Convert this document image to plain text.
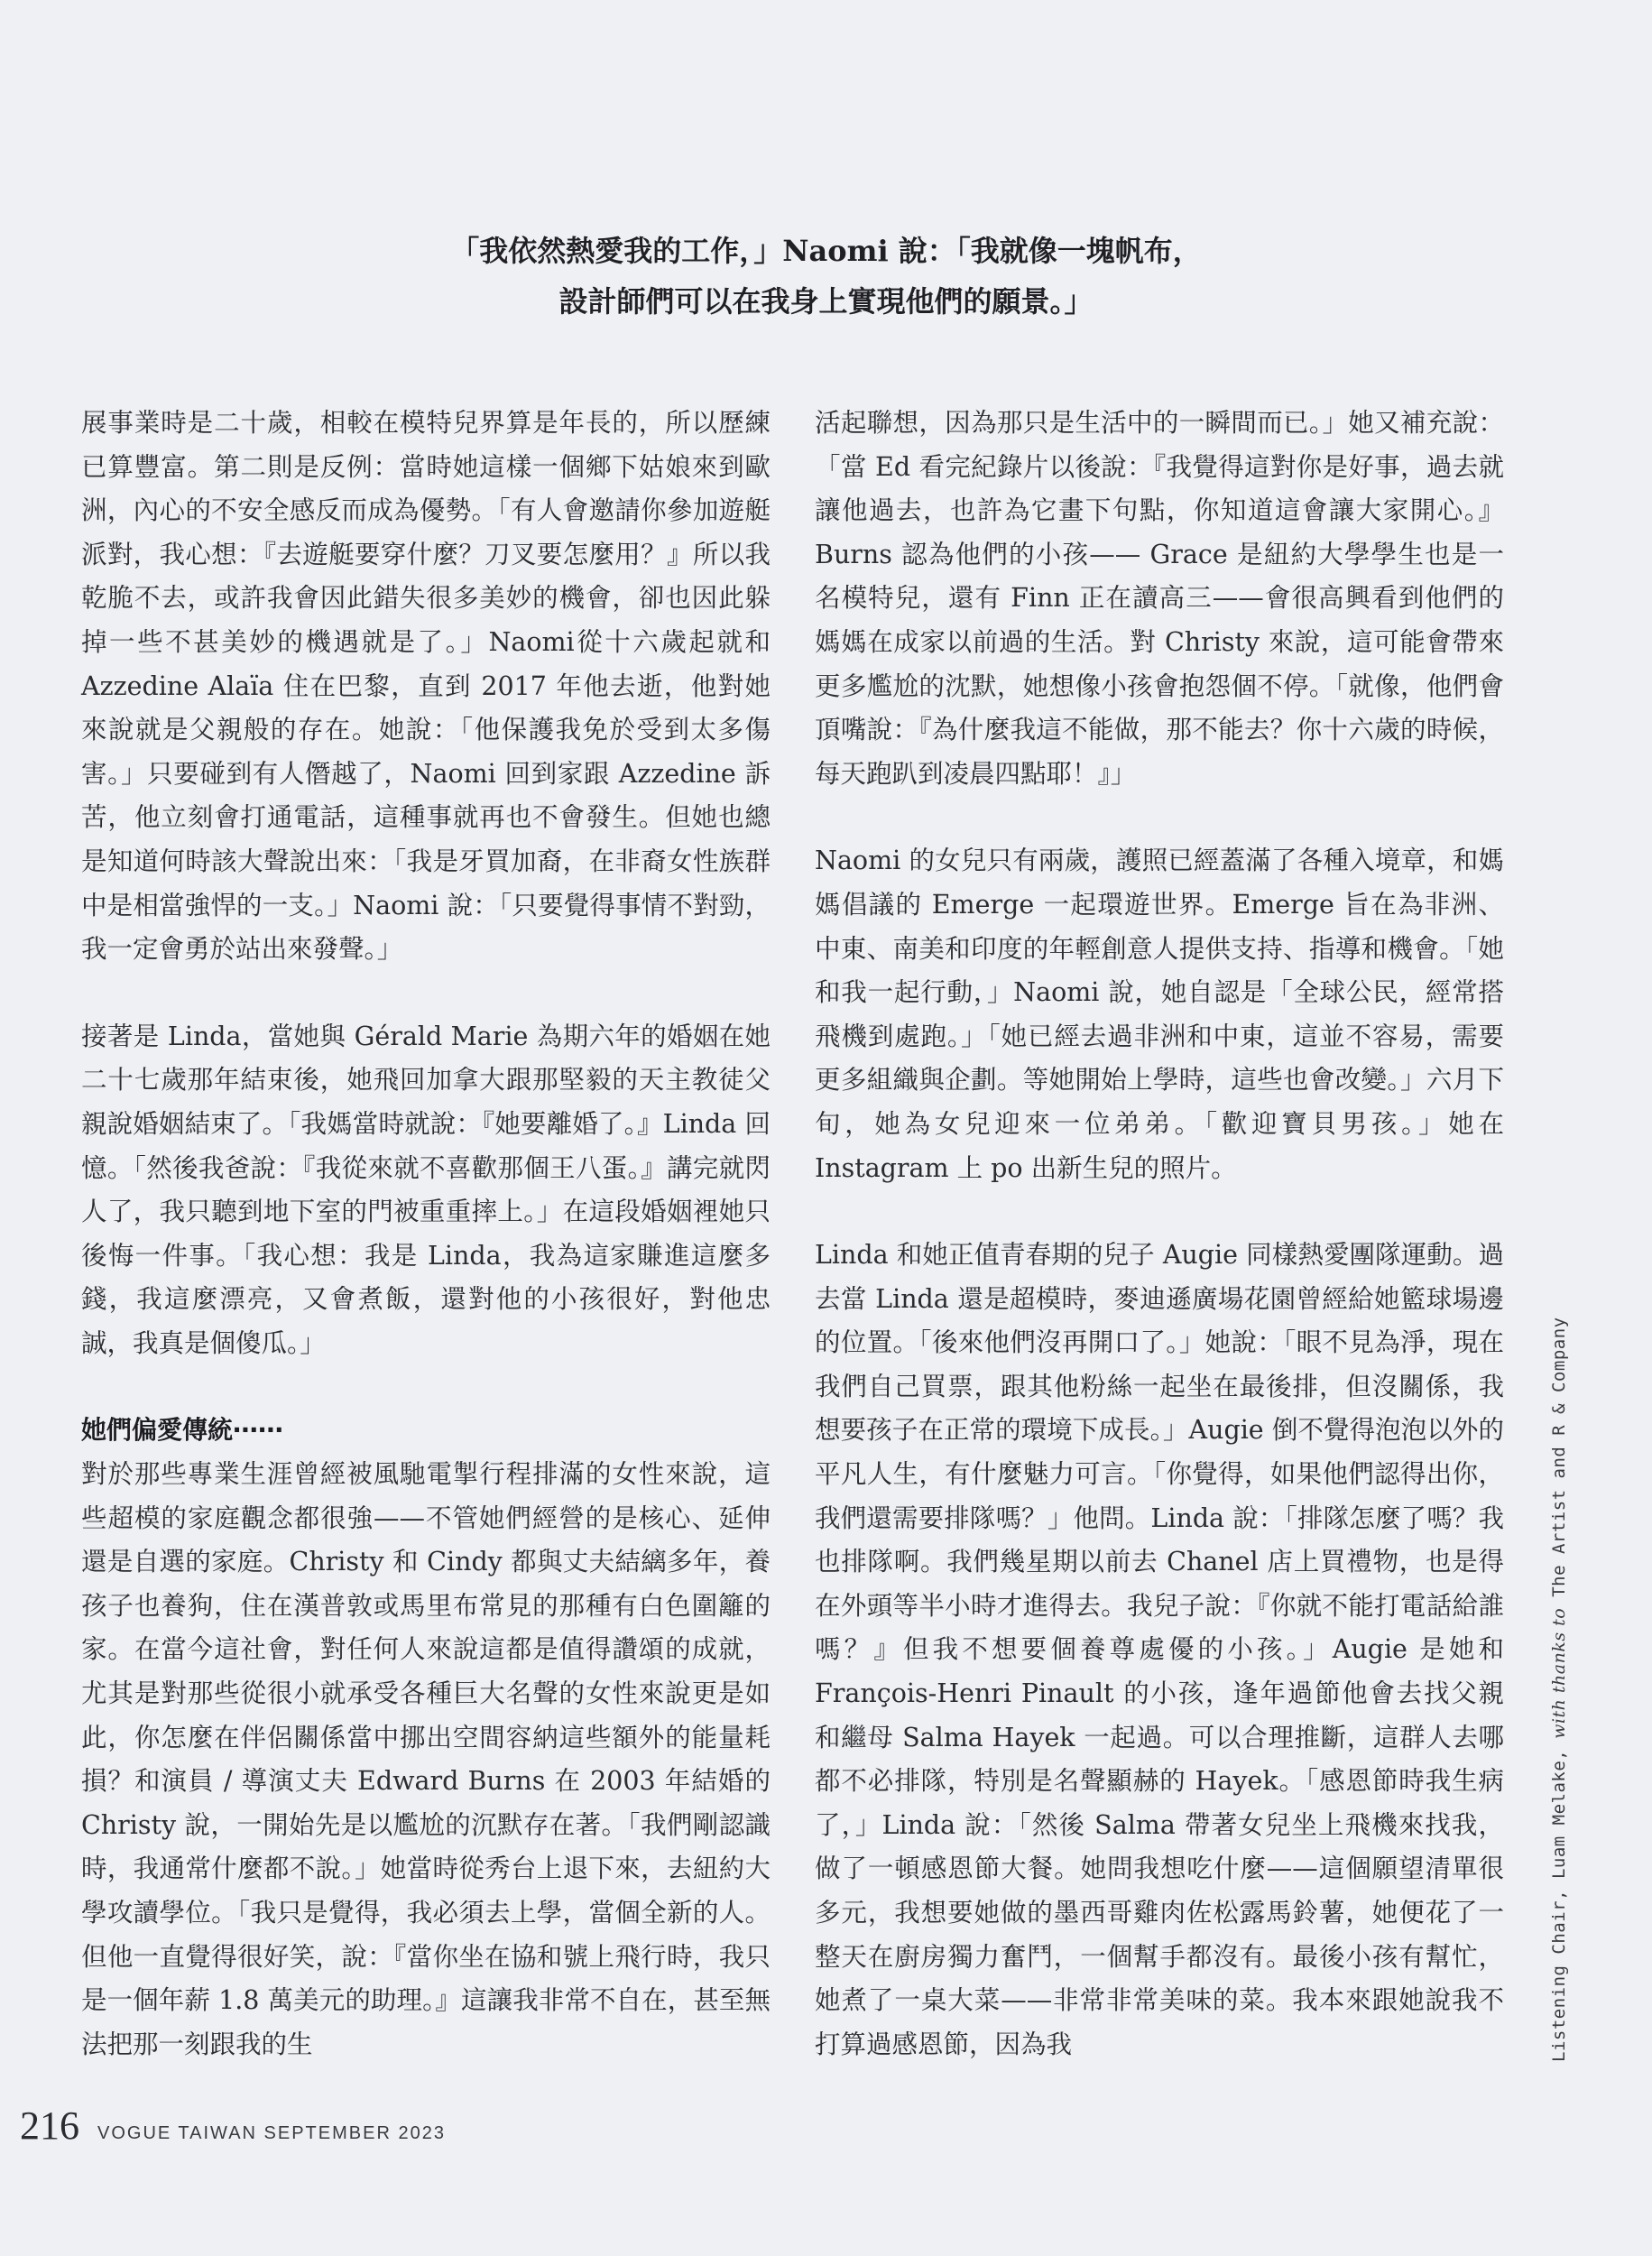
「我依然熱愛我的工作，」Naomi 說：「我就像一塊帆布，
設計師們可以在我身上實現他們的願景。」

展事業時是二十歲，相較在模特兒界算是年長的，所以歷練已算豐富。第二則是反例：當時她這樣一個鄉下姑娘來到歐洲，內心的不安全感反而成為優勢。「有人會邀請你參加遊艇派對，我心想：『去遊艇要穿什麼？刀叉要怎麼用？』所以我乾脆不去，或許我會因此錯失很多美妙的機會，卻也因此躲掉一些不甚美妙的機遇就是了。」Naomi從十六歲起就和 Azzedine Alaïa 住在巴黎，直到 2017 年他去逝，他對她來說就是父親般的存在。她說：「他保護我免於受到太多傷害。」只要碰到有人僭越了，Naomi 回到家跟 Azzedine 訴苦，他立刻會打通電話，這種事就再也不會發生。但她也總是知道何時該大聲說出來：「我是牙買加裔，在非裔女性族群中是相當強悍的一支。」Naomi 說：「只要覺得事情不對勁，我一定會勇於站出來發聲。」

接著是 Linda，當她與 Gérald Marie 為期六年的婚姻在她二十七歲那年結束後，她飛回加拿大跟那堅毅的天主教徒父親說婚姻結束了。「我媽當時就說：『她要離婚了。』Linda 回憶。「然後我爸說：『我從來就不喜歡那個王八蛋。』講完就閃人了，我只聽到地下室的門被重重摔上。」在這段婚姻裡她只後悔一件事。「我心想：我是 Linda，我為這家賺進這麼多錢，我這麼漂亮，又會煮飯，還對他的小孩很好，對他忠誠，我真是個傻瓜。」

她們偏愛傳統⋯⋯

對於那些專業生涯曾經被風馳電掣行程排滿的女性來說，這些超模的家庭觀念都很強——不管她們經營的是核心、延伸還是自選的家庭。Christy 和 Cindy 都與丈夫結縭多年，養孩子也養狗，住在漢普敦或馬里布常見的那種有白色圍籬的家。在當今這社會，對任何人來說這都是值得讚頌的成就，尤其是對那些從很小就承受各種巨大名聲的女性來說更是如此，你怎麼在伴侶關係當中挪出空間容納這些額外的能量耗損？和演員 / 導演丈夫 Edward Burns 在 2003 年結婚的 Christy 說，一開始先是以尷尬的沉默存在著。「我們剛認識時，我通常什麼都不說。」她當時從秀台上退下來，去紐約大學攻讀學位。「我只是覺得，我必須去上學，當個全新的人。但他一直覺得很好笑，說：『當你坐在協和號上飛行時，我只是一個年薪 1.8 萬美元的助理。』這讓我非常不自在，甚至無法把那一刻跟我的生

活起聯想，因為那只是生活中的一瞬間而已。」她又補充說：「當 Ed 看完紀錄片以後說：『我覺得這對你是好事，過去就讓他過去，也許為它畫下句點，你知道這會讓大家開心。』Burns 認為他們的小孩—— Grace 是紐約大學學生也是一名模特兒，還有 Finn 正在讀高三——會很高興看到他們的媽媽在成家以前過的生活。對 Christy 來說，這可能會帶來更多尷尬的沈默，她想像小孩會抱怨個不停。「就像，他們會頂嘴說：『為什麼我這不能做，那不能去？你十六歲的時候，每天跑趴到凌晨四點耶！』」

Naomi 的女兒只有兩歲，護照已經蓋滿了各種入境章，和媽媽倡議的 Emerge 一起環遊世界。Emerge 旨在為非洲、中東、南美和印度的年輕創意人提供支持、指導和機會。「她和我一起行動，」Naomi 說，她自認是「全球公民，經常搭飛機到處跑。」「她已經去過非洲和中東，這並不容易，需要更多組織與企劃。等她開始上學時，這些也會改變。」六月下旬，她為女兒迎來一位弟弟。「歡迎寶貝男孩。」她在 Instagram 上 po 出新生兒的照片。

Linda 和她正值青春期的兒子 Augie 同樣熱愛團隊運動。過去當 Linda 還是超模時，麥迪遜廣場花園曾經給她籃球場邊的位置。「後來他們沒再開口了。」她說：「眼不見為淨，現在我們自己買票，跟其他粉絲一起坐在最後排，但沒關係，我想要孩子在正常的環境下成長。」Augie 倒不覺得泡泡以外的平凡人生，有什麼魅力可言。「你覺得，如果他們認得出你，我們還需要排隊嗎？」他問。Linda 說：「排隊怎麼了嗎？我也排隊啊。我們幾星期以前去 Chanel 店上買禮物，也是得在外頭等半小時才進得去。我兒子說：『你就不能打電話給誰嗎？』但我不想要個養尊處優的小孩。」Augie 是她和 François-Henri Pinault 的小孩，逢年過節他會去找父親和繼母 Salma Hayek 一起過。可以合理推斷，這群人去哪都不必排隊，特別是名聲顯赫的 Hayek。「感恩節時我生病了，」Linda 說：「然後 Salma 帶著女兒坐上飛機來找我，做了一頓感恩節大餐。她問我想吃什麼——這個願望清單很多元，我想要她做的墨西哥雞肉佐松露馬鈴薯，她便花了一整天在廚房獨力奮鬥，一個幫手都沒有。最後小孩有幫忙，她煮了一桌大菜——非常非常美味的菜。我本來跟她說我不打算過感恩節，因為我	Listening Chair, Luam Melake, with thanks to The Artist and R & Company
216 VOGUE TAIWAN SEPTEMBER 2023
